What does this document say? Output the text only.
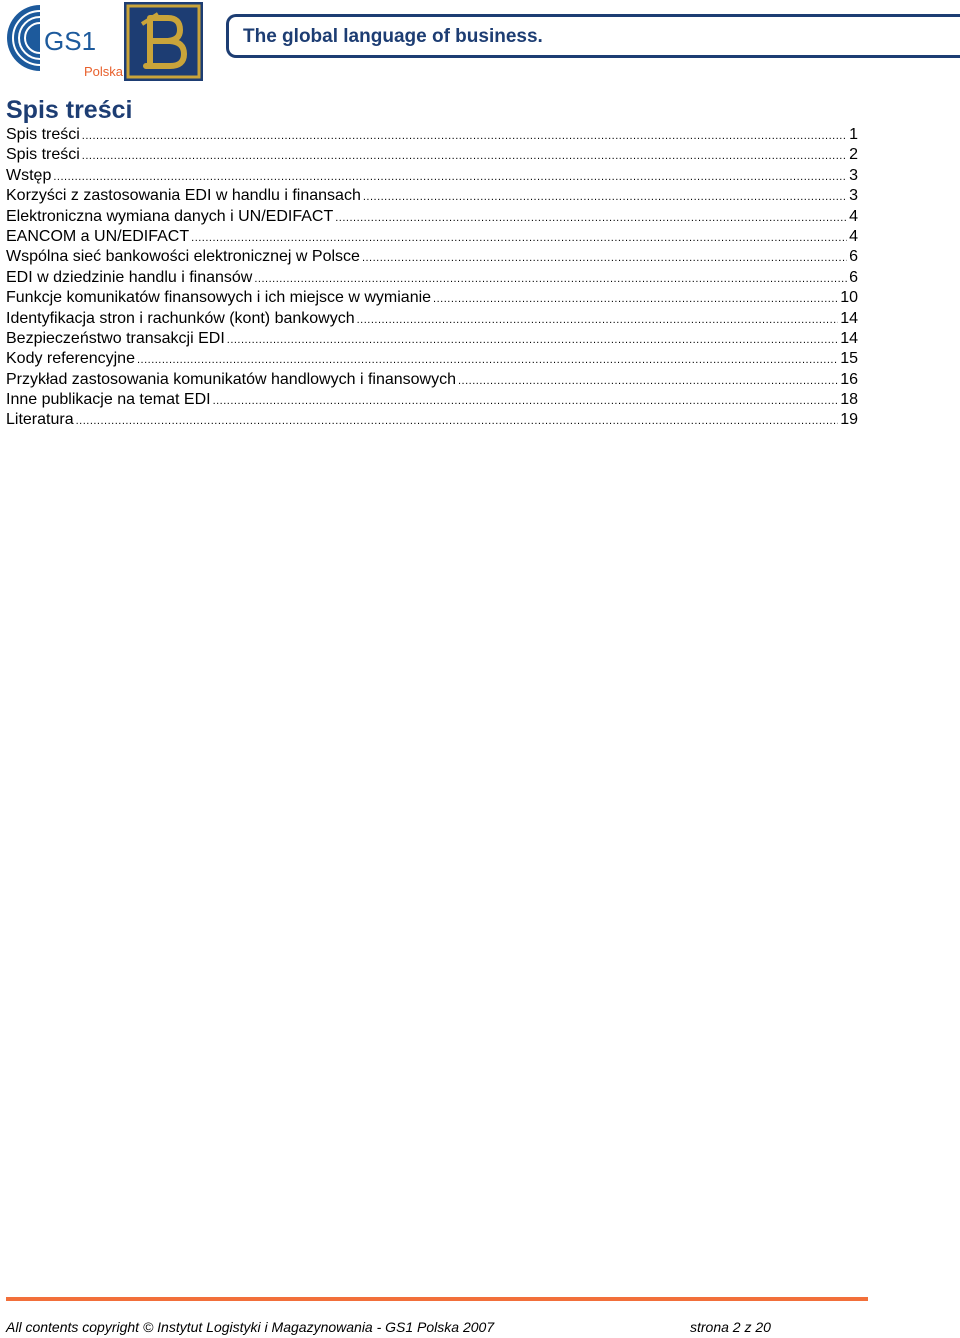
GS1
Polska
The global language of business.
Spis treści
Spis treści .....	1
Spis treści .....	2
Wstęp .....	3
Korzyści z zastosowania EDI w handlu i finansach .....	3
Elektroniczna wymiana danych i UN/EDIFACT .....	4
EANCOM a UN/EDIFACT .....	4
Wspólna sieć bankowości elektronicznej w Polsce .....	6
EDI w dziedzinie handlu i finansów .....	6
Funkcje komunikatów finansowych i ich miejsce w wymianie .....	10
Identyfikacja stron i rachunków (kont) bankowych .....	14
Bezpieczeństwo transakcji EDI .....	14
Kody referencyjne .....	15
Przykład zastosowania komunikatów handlowych i finansowych .....	16
Inne publikacje na temat EDI .....	18
Literatura .....	19
All contents copyright © Instytut Logistyki i Magazynowania - GS1 Polska 2007	strona 2 z 20
